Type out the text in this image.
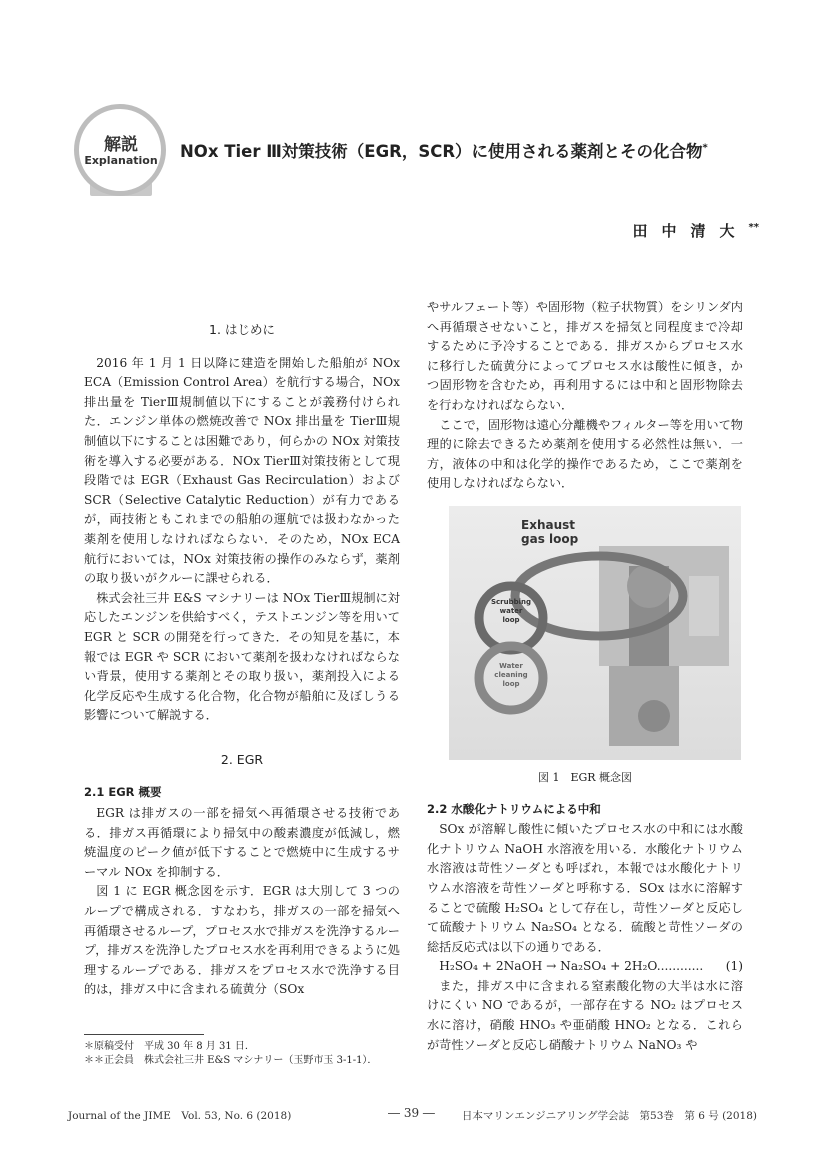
解説
Explanation	NOx Tier Ⅲ対策技術（EGR，SCR）に使用される薬剤とその化合物*
田中清大**
1. はじめに

2016 年 1 月 1 日以降に建造を開始した船舶が NOx ECA（Emission Control Area）を航行する場合，NOx 排出量を TierⅢ規制値以下にすることが義務付けられた．エンジン単体の燃焼改善で NOx 排出量を TierⅢ規制値以下にすることは困難であり，何らかの NOx 対策技術を導入する必要がある．NOx TierⅢ対策技術として現段階では EGR（Exhaust Gas Recirculation）および SCR（Selective Catalytic Reduction）が有力であるが，両技術ともこれまでの船舶の運航では扱わなかった薬剤を使用しなければならない．そのため，NOx ECA 航行においては，NOx 対策技術の操作のみならず，薬剤の取り扱いがクルーに課せられる．

株式会社三井 E&S マシナリーは NOx TierⅢ規制に対応したエンジンを供給すべく，テストエンジン等を用いて EGR と SCR の開発を行ってきた．その知見を基に，本報では EGR や SCR において薬剤を扱わなければならない背景，使用する薬剤とその取り扱い，薬剤投入による化学反応や生成する化合物，化合物が船舶に及ぼしうる影響について解説する．

2. EGR
2.1 EGR 概要

EGR は排ガスの一部を掃気へ再循環させる技術である．排ガス再循環により掃気中の酸素濃度が低減し，燃焼温度のピーク値が低下することで燃焼中に生成するサーマル NOx を抑制する．

図 1 に EGR 概念図を示す．EGR は大別して 3 つのループで構成される．すなわち，排ガスの一部を掃気へ再循環させるループ，プロセス水で排ガスを洗浄するループ，排ガスを洗浄したプロセス水を再利用できるように処理するループである．排ガスをプロセス水で洗浄する目的は，排ガス中に含まれる硫黄分（SOx

＊原稿受付　平成 30 年 8 月 31 日．
＊＊正会員　株式会社三井 E&S マシナリー（玉野市玉 3-1-1）．

やサルフェート等）や固形物（粒子状物質）をシリンダ内へ再循環させないこと，排ガスを掃気と同程度まで冷却するために予冷することである．排ガスからプロセス水に移行した硫黄分によってプロセス水は酸性に傾き，かつ固形物を含むため，再利用するには中和と固形物除去を行わなければならない．

ここで，固形物は遠心分離機やフィルター等を用いて物理的に除去できるため薬剤を使用する必然性は無い．一方，液体の中和は化学的操作であるため，ここで薬剤を使用しなければならない．

Exhaust
gas loop
Scrubbing
water
loop
Water
cleaning
loop
図 1　EGR 概念図
2.2 水酸化ナトリウムによる中和

SOx が溶解し酸性に傾いたプロセス水の中和には水酸化ナトリウム NaOH 水溶液を用いる．水酸化ナトリウム水溶液は苛性ソーダとも呼ばれ，本報では水酸化ナトリウム水溶液を苛性ソーダと呼称する．SOx は水に溶解することで硫酸 H₂SO₄ として存在し，苛性ソーダと反応して硫酸ナトリウム Na₂SO₄ となる．硫酸と苛性ソーダの総括反応式は以下の通りである．

H₂SO₄ + 2NaOH → Na₂SO₄ + 2H₂O............	(1)

また，排ガス中に含まれる窒素酸化物の大半は水に溶けにくい NO であるが，一部存在する NO₂ はプロセス水に溶け，硝酸 HNO₃ や亜硝酸 HNO₂ となる．これらが苛性ソーダと反応し硝酸ナトリウム NaNO₃ や

Journal of the JIME　Vol. 53, No. 6 (2018)	― 39 ―	日本マリンエンジニアリング学会誌　第53巻　第 6 号 (2018)
